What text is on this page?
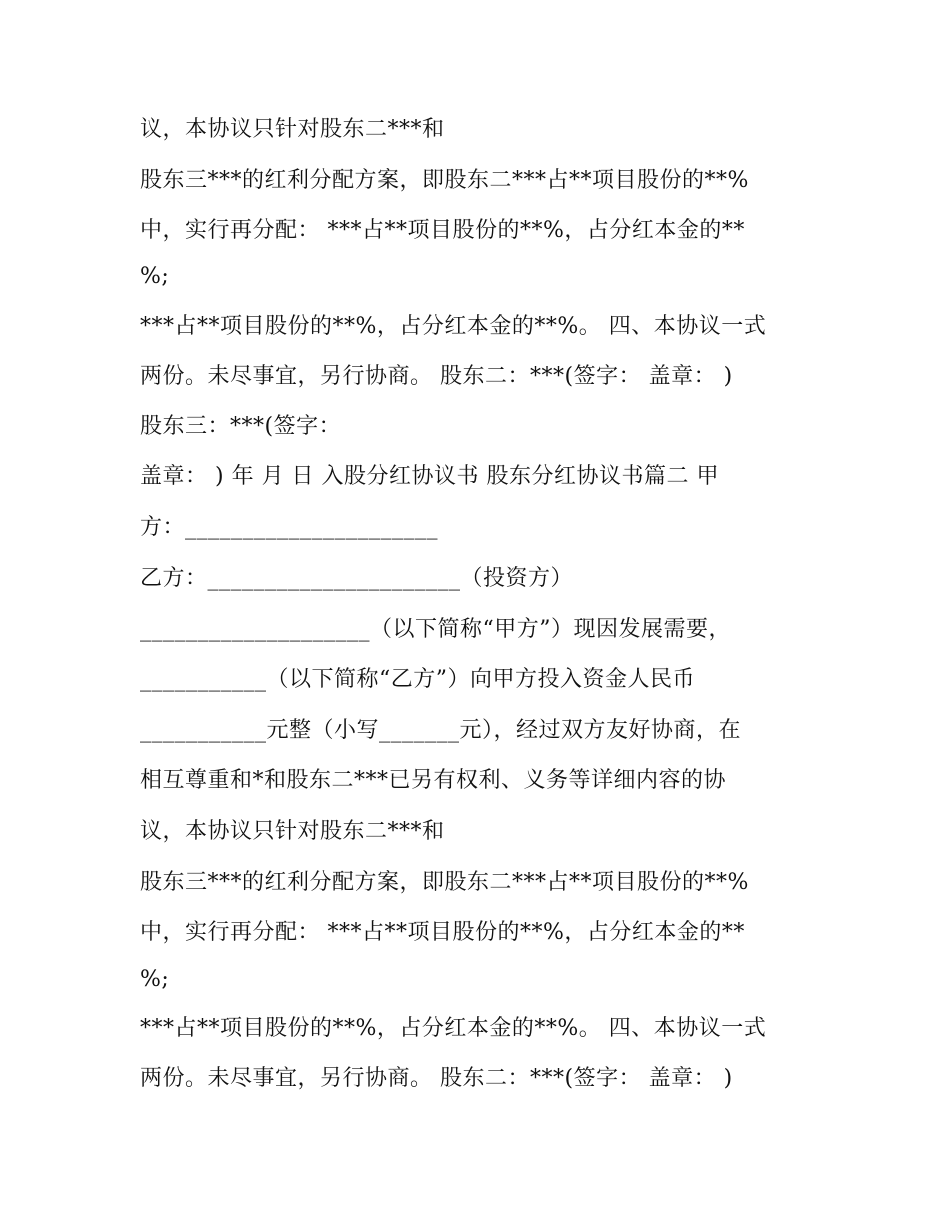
议，本协议只针对股东二***和

股东三***的红利分配方案，即股东二***占**项目股份的**%

中，实行再分配： ***占**项目股份的**%，占分红本金的**

%;

***占**项目股份的**%，占分红本金的**%。 四、本协议一式

两份。未尽事宜，另行协商。 股东二：***(签字： 盖章： )

股东三：***(签字：

盖章： ) 年 月 日 入股分红协议书 股东分红协议书篇二 甲

方：______________________

乙方：______________________（投资方）

____________________（以下简称“甲方”）现因发展需要，

___________（以下简称“乙方”）向甲方投入资金人民币

___________元整（小写_______元），经过双方友好协商，在

相互尊重和*和股东二***已另有权利、义务等详细内容的协

议，本协议只针对股东二***和

股东三***的红利分配方案，即股东二***占**项目股份的**%

中，实行再分配： ***占**项目股份的**%，占分红本金的**

%;

***占**项目股份的**%，占分红本金的**%。 四、本协议一式

两份。未尽事宜，另行协商。 股东二：***(签字： 盖章： )
